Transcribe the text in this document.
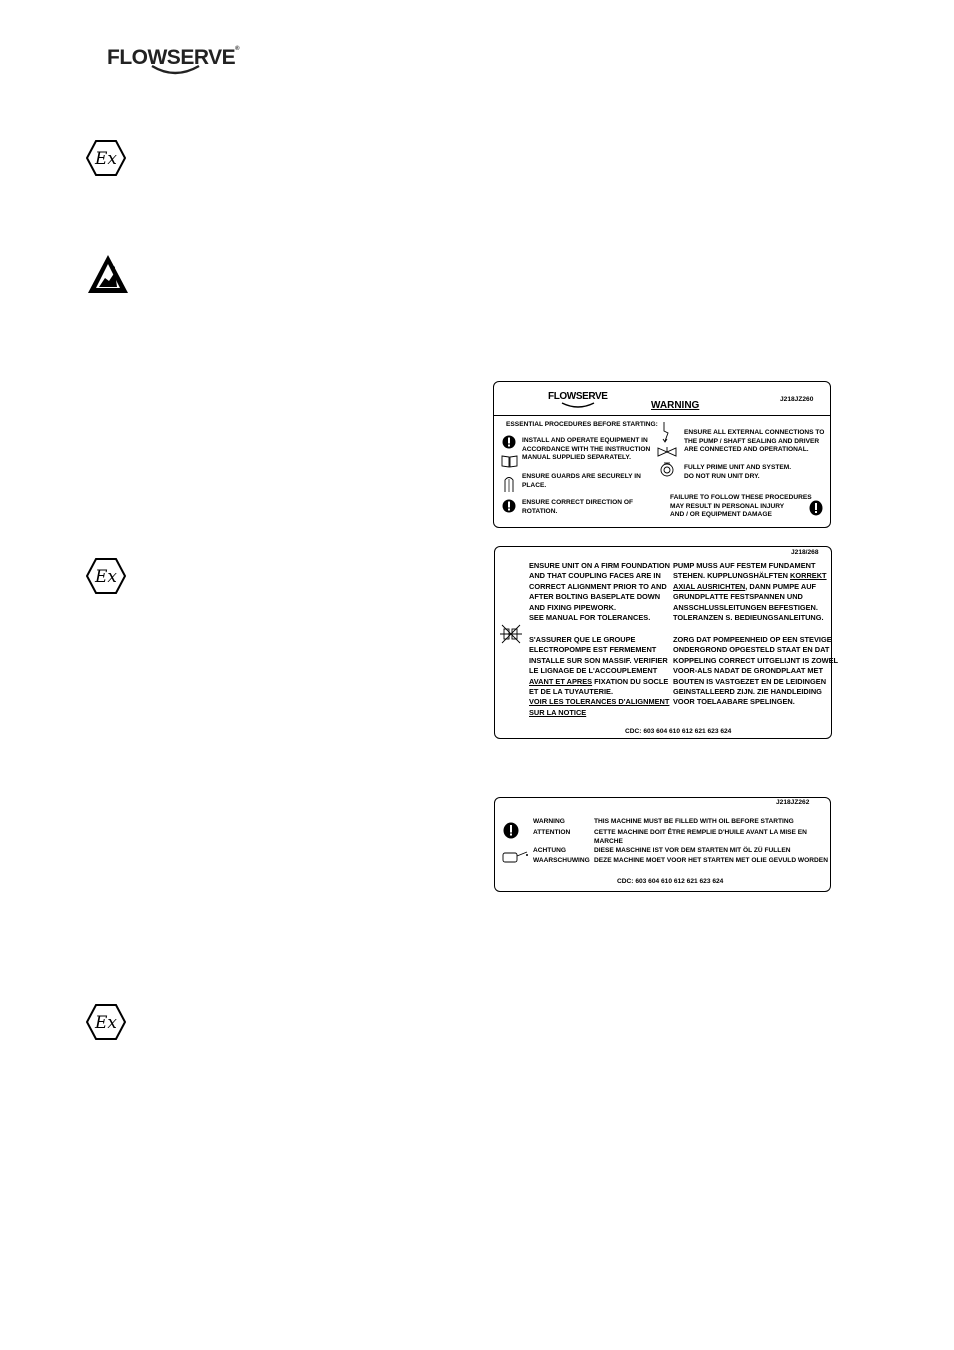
FLOWSERVE®
Ex
Ex
Ex
FLOWSERVE
WARNING
J218JZ260
ESSENTIAL PROCEDURES BEFORE STARTING:
INSTALL AND OPERATE EQUIPMENT IN
ACCORDANCE WITH THE INSTRUCTION
MANUAL SUPPLIED SEPARATELY.
ENSURE GUARDS ARE SECURELY IN
PLACE.
ENSURE CORRECT DIRECTION OF
ROTATION.
ENSURE ALL EXTERNAL CONNECTIONS TO
THE PUMP / SHAFT SEALING AND DRIVER
ARE CONNECTED AND OPERATIONAL.
FULLY PRIME UNIT AND SYSTEM.
DO NOT RUN UNIT DRY.
FAILURE TO FOLLOW THESE PROCEDURES
MAY RESULT IN PERSONAL INJURY
AND / OR EQUIPMENT DAMAGE
J218/268
ENSURE UNIT ON A FIRM FOUNDATION
AND THAT COUPLING FACES ARE IN
CORRECT ALIGNMENT PRIOR TO AND
AFTER BOLTING BASEPLATE DOWN
AND FIXING PIPEWORK.
SEE MANUAL FOR TOLERANCES.
PUMP MUSS AUF FESTEM FUNDAMENT
STEHEN. KUPPLUNGSHÄLFTEN KORREKT
AXIAL AUSRICHTEN, DANN PUMPE AUF
GRUNDPLATTE FESTSPANNEN UND
ANSSCHLUSSLEITUNGEN BEFESTIGEN.
TOLERANZEN S. BEDIEUNGSANLEITUNG.
S'ASSURER QUE LE GROUPE
ELECTROPOMPE EST FERMEMENT
INSTALLE SUR SON MASSIF. VERIFIER
LE LIGNAGE DE L'ACCOUPLEMENT
AVANT ET APRES FIXATION DU SOCLE
ET DE LA TUYAUTERIE.
VOIR LES TOLERANCES D'ALIGNMENT
SUR LA NOTICE
ZORG DAT POMPEENHEID OP EEN STEVIGE
ONDERGROND OPGESTELD STAAT EN DAT
KOPPELING CORRECT UITGELIJNT IS ZOWEL
VOOR-ALS NADAT DE GRONDPLAAT MET
BOUTEN IS VASTGEZET EN DE LEIDINGEN
GEINSTALLEERD ZIJN. ZIE HANDLEIDING
VOOR TOELAABARE SPELINGEN.
CDC: 603 604 610 612 621 623 624
J218JZ262
WARNING	THIS MACHINE MUST BE FILLED WITH OIL BEFORE STARTING
ATTENTION	CETTE MACHINE DOIT ÊTRE REMPLIE D'HUILE AVANT LA MISE EN
MARCHE
ACHTUNG	DIESE MASCHINE IST VOR DEM STARTEN MIT ÖL ZÜ FULLEN
WAARSCHUWING DEZE MACHINE MOET VOOR HET STARTEN MET OLIE GEVULD WORDEN
CDC: 603 604 610 612 621 623 624
